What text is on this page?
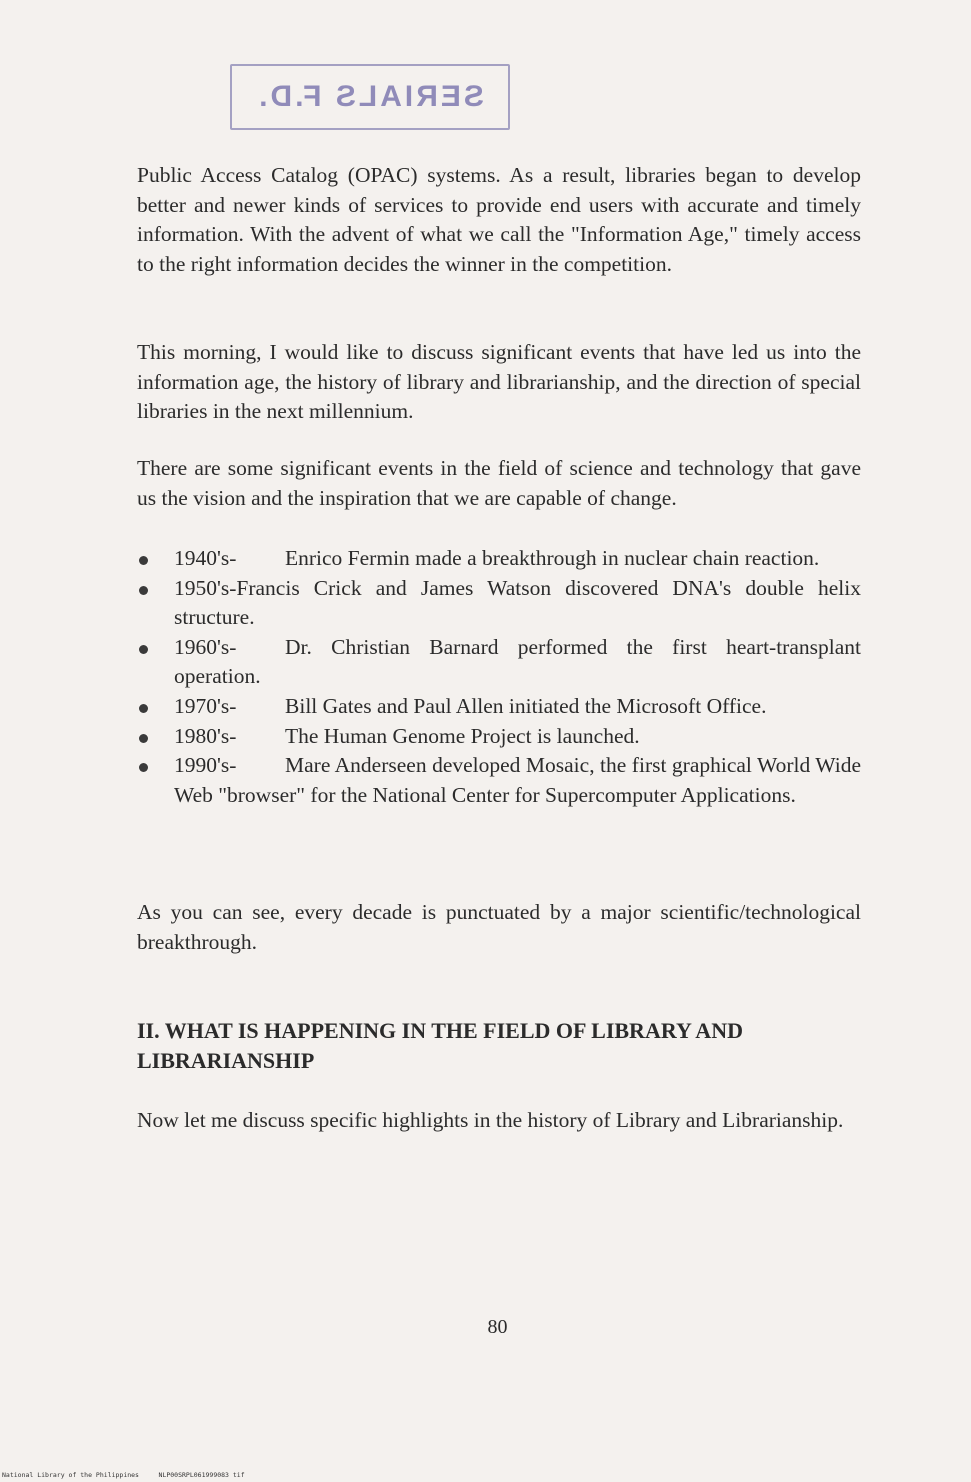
SERIALS F.D.

Public Access Catalog (OPAC) systems. As a result, libraries began to develop better and newer kinds of services to provide end users with accurate and timely information. With the advent of what we call the "Information Age," timely access to the right information decides the winner in the competition.

This morning, I would like to discuss significant events that have led us into the information age, the history of library and librarianship, and the direction of special libraries in the next millennium.

There are some significant events in the field of science and technology that gave us the vision and the inspiration that we are capable of change.

1940's- Enrico Fermin made a breakthrough in nuclear chain reaction.
1950's-Francis Crick and James Watson discovered DNA's double helix structure.
1960's- Dr. Christian Barnard performed the first heart-transplant operation.
1970's- Bill Gates and Paul Allen initiated the Microsoft Office.
1980's- The Human Genome Project is launched.
1990's- Mare Anderseen developed Mosaic, the first graphical World Wide Web "browser" for the National Center for Supercomputer Applications.

As you can see, every decade is punctuated by a major scientific/technological breakthrough.

II. WHAT IS HAPPENING IN THE FIELD OF LIBRARY AND LIBRARIANSHIP

Now let me discuss specific highlights in the history of Library and Librarianship.

80
National Library of the Philippines     NLP00SRPL061999083 tif
